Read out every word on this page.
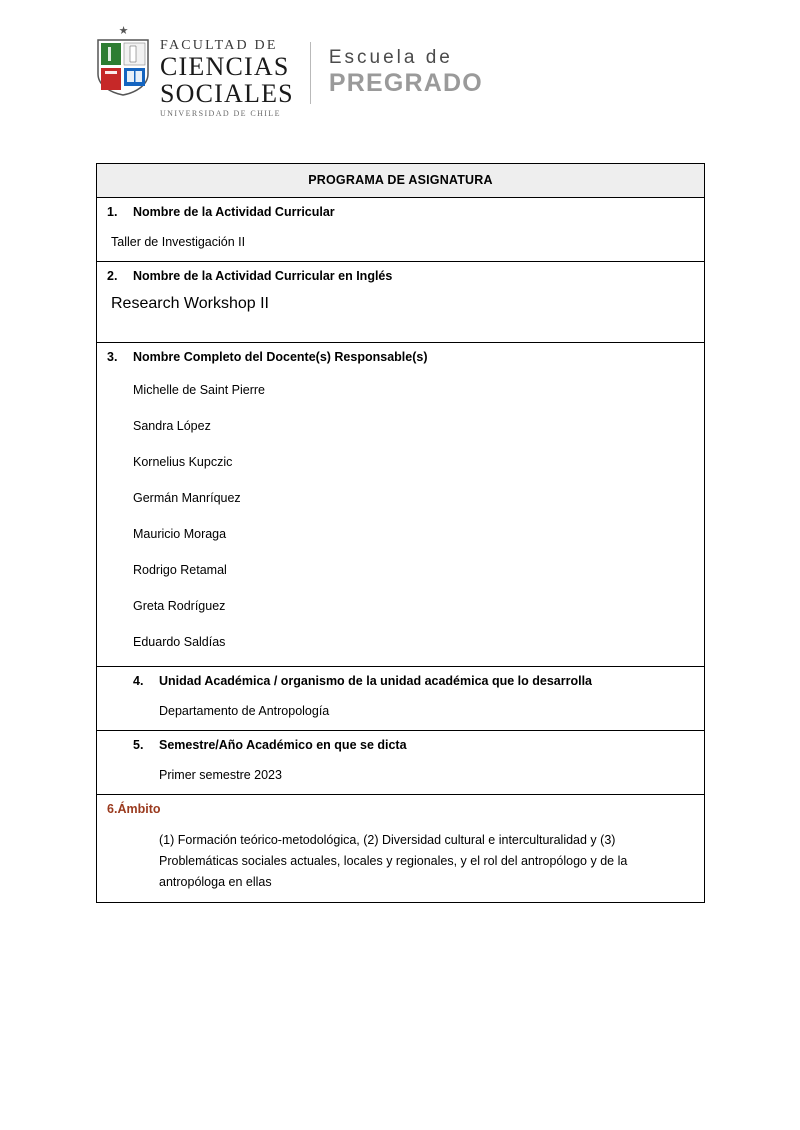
★
FACULTAD DE
CIENCIAS
SOCIALES
UNIVERSIDAD DE CHILE
Escuela de
PREGRADO
PROGRAMA DE ASIGNATURA

1.	Nombre de la Actividad Curricular
Taller de Investigación II

2.	Nombre de la Actividad Curricular en Inglés
Research Workshop II

3.	Nombre Completo del Docente(s) Responsable(s)
Michelle de Saint Pierre
Sandra López
Kornelius Kupczic
Germán Manríquez
Mauricio Moraga
Rodrigo Retamal
Greta Rodríguez
Eduardo Saldías

4.	Unidad Académica / organismo de la unidad académica que lo desarrolla
Departamento de Antropología

5.	Semestre/Año Académico en que se dicta
Primer semestre 2023

6. Ámbito
(1) Formación teórico-metodológica, (2) Diversidad cultural e interculturalidad y (3) Problemáticas sociales actuales, locales y regionales, y el rol del antropólogo y de la antropóloga en ellas
